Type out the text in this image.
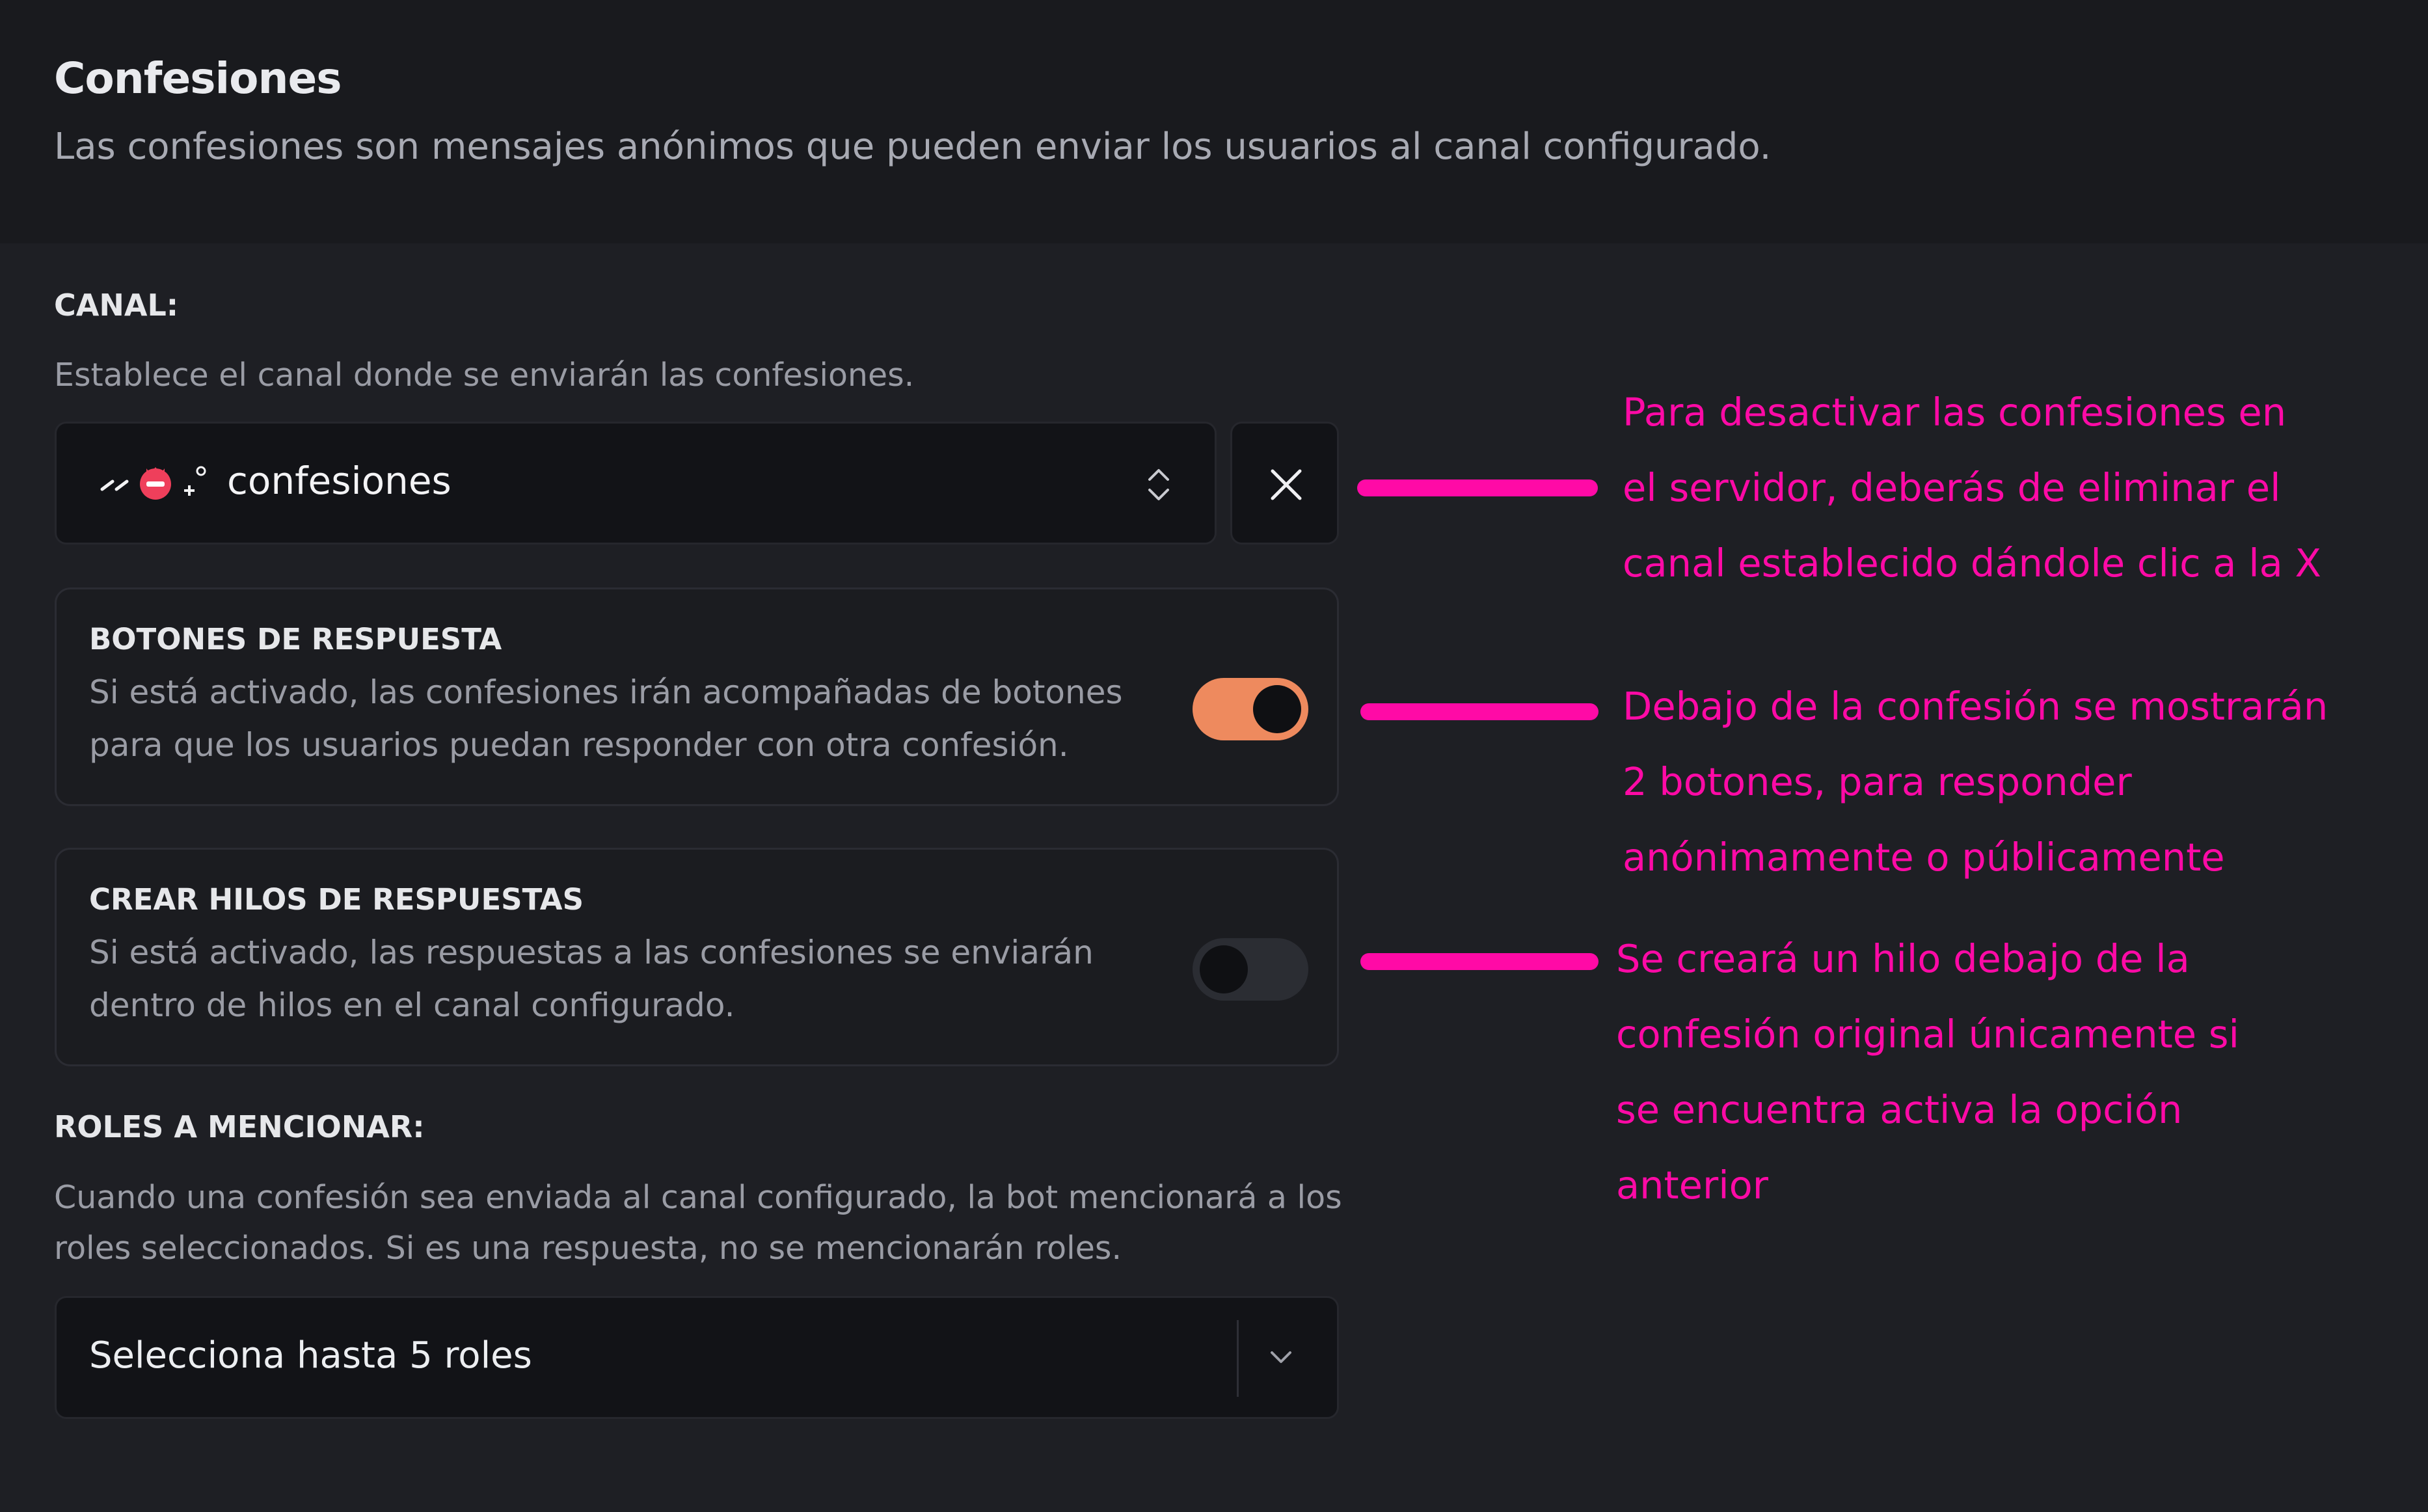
Confesiones
Las confesiones son mensajes anónimos que pueden enviar los usuarios al canal configurado.
CANAL:
Establece el canal donde se enviarán las confesiones.
confesiones
BOTONES DE RESPUESTA
Si está activado, las confesiones irán acompañadas de botones para que los usuarios puedan responder con otra confesión.
CREAR HILOS DE RESPUESTAS
Si está activado, las respuestas a las confesiones se enviarán dentro de hilos en el canal configurado.
ROLES A MENCIONAR:
Cuando una confesión sea enviada al canal configurado, la bot mencionará a los roles seleccionados. Si es una respuesta, no se mencionarán roles.
Selecciona hasta 5 roles
Para desactivar las confesiones en
el servidor, deberás de eliminar el
canal establecido dándole clic a la X
Debajo de la confesión se mostrarán
2 botones, para responder
anónimamente o públicamente
Se creará un hilo debajo de la
confesión original únicamente si
se encuentra activa la opción
anterior
